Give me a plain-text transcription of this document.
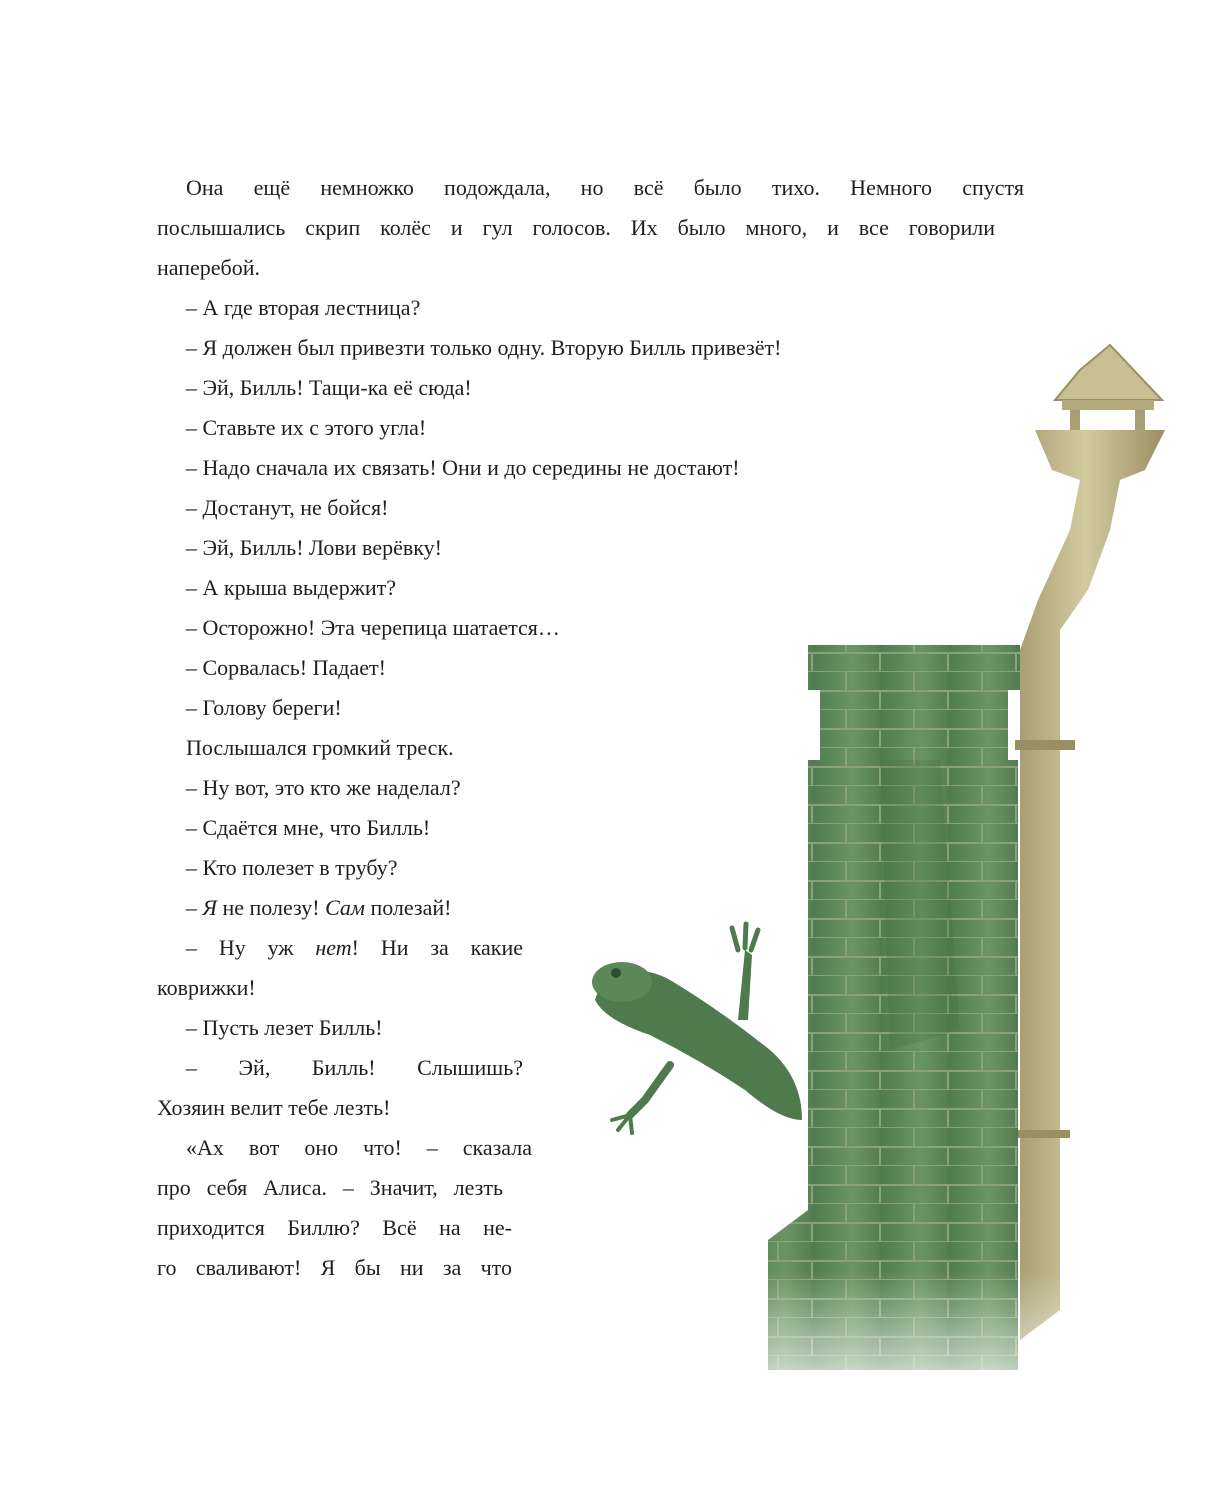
Она ещё немножко подождала, но всё было тихо. Немного спустя
послышались скрип колёс и гул голосов. Их было много, и все говорили
наперебой.
– А где вторая лестница?
– Я должен был привезти только одну. Вторую Билль привезёт!
– Эй, Билль! Тащи-ка её сюда!
– Ставьте их с этого угла!
– Надо сначала их связать! Они и до середины не достают!
– Достанут, не бойся!
– Эй, Билль! Лови верёвку!
– А крыша выдержит?
– Осторожно! Эта черепица шатается…
– Сорвалась! Падает!
– Голову береги!
Послышался громкий треск.
– Ну вот, это кто же наделал?
– Сдаётся мне, что Билль!
– Кто полезет в трубу?
– Я не полезу! Сам полезай!
– Ну уж нет! Ни за какие
коврижки!
– Пусть лезет Билль!
– Эй, Билль! Слышишь?
Хозяин велит тебе лезть!
«Ах вот оно что! – сказала
про себя Алиса. – Значит, лезть
приходится Биллю? Всё на не-
го сваливают! Я бы ни за что
